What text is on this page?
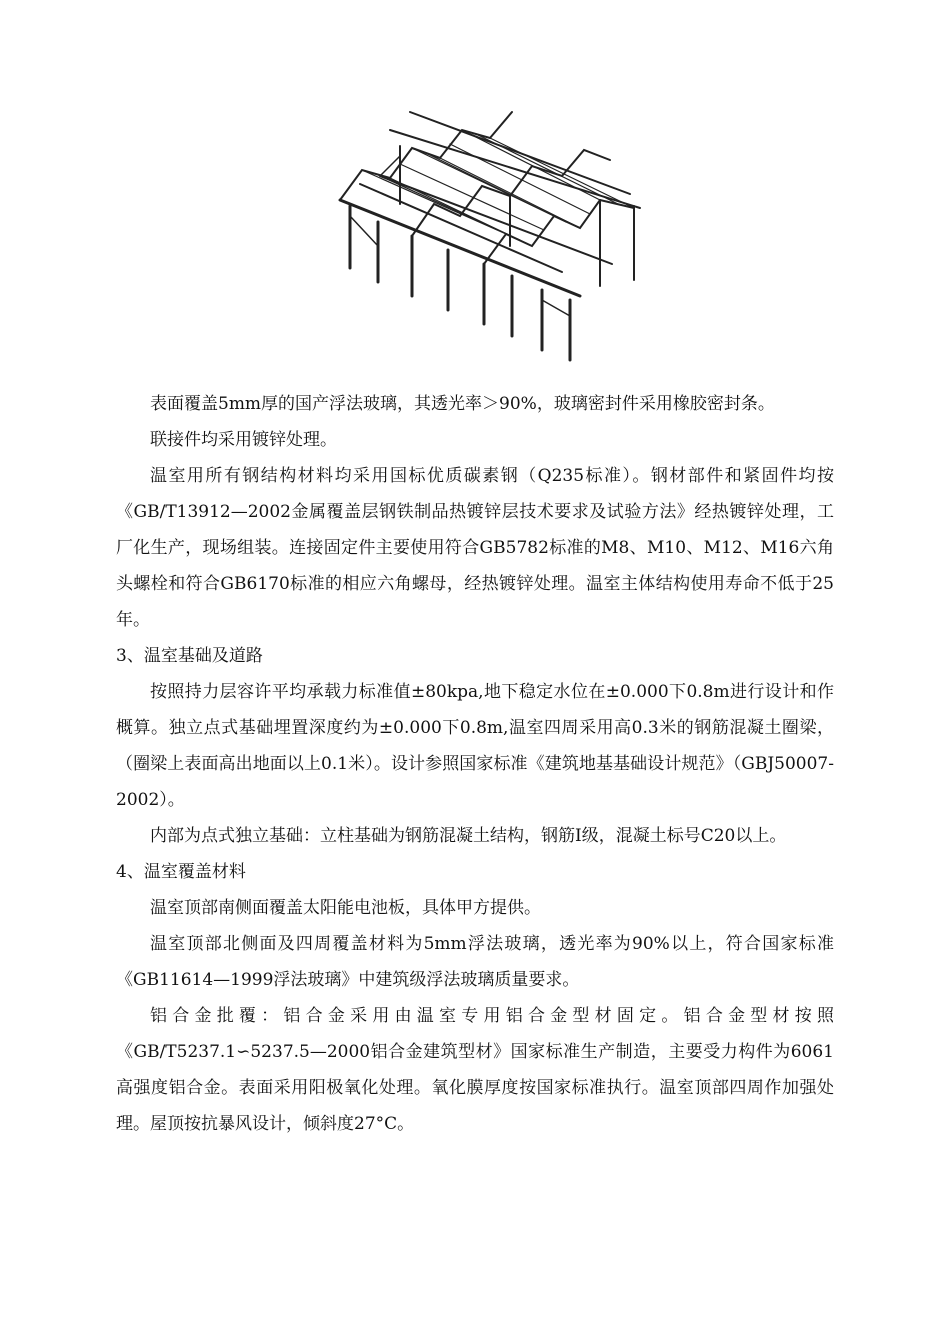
表面覆盖5mm厚的国产浮法玻璃，其透光率＞90%，玻璃密封件采用橡胶密封条。

联接件均采用镀锌处理。

温室用所有钢结构材料均采用国标优质碳素钢（Q235标准）。钢材部件和紧固件均按《GB/T13912—2002金属覆盖层钢铁制品热镀锌层技术要求及试验方法》经热镀锌处理，工厂化生产，现场组装。连接固定件主要使用符合GB5782标准的M8、M10、M12、M16六角头螺栓和符合GB6170标准的相应六角螺母，经热镀锌处理。温室主体结构使用寿命不低于25年。

3、温室基础及道路

按照持力层容许平均承载力标准值±80kpa,地下稳定水位在±0.000下0.8m进行设计和作概算。独立点式基础埋置深度约为±0.000下0.8m,温室四周采用高0.3米的钢筋混凝土圈梁，（圈梁上表面高出地面以上0.1米）。设计参照国家标准《建筑地基基础设计规范》（GBJ50007-2002）。

内部为点式独立基础：立柱基础为钢筋混凝土结构，钢筋Ⅰ级，混凝土标号C20以上。

4、温室覆盖材料

温室顶部南侧面覆盖太阳能电池板，具体甲方提供。

温室顶部北侧面及四周覆盖材料为5mm浮法玻璃，透光率为90%以上，符合国家标准《GB11614—1999浮法玻璃》中建筑级浮法玻璃质量要求。

铝合金批覆：铝合金采用由温室专用铝合金型材固定。铝合金型材按照《GB/T5237.1∽5237.5—2000铝合金建筑型材》国家标准生产制造，主要受力构件为6061高强度铝合金。表面采用阳极氧化处理。氧化膜厚度按国家标准执行。温室顶部四周作加强处理。屋顶按抗暴风设计，倾斜度27°C。
